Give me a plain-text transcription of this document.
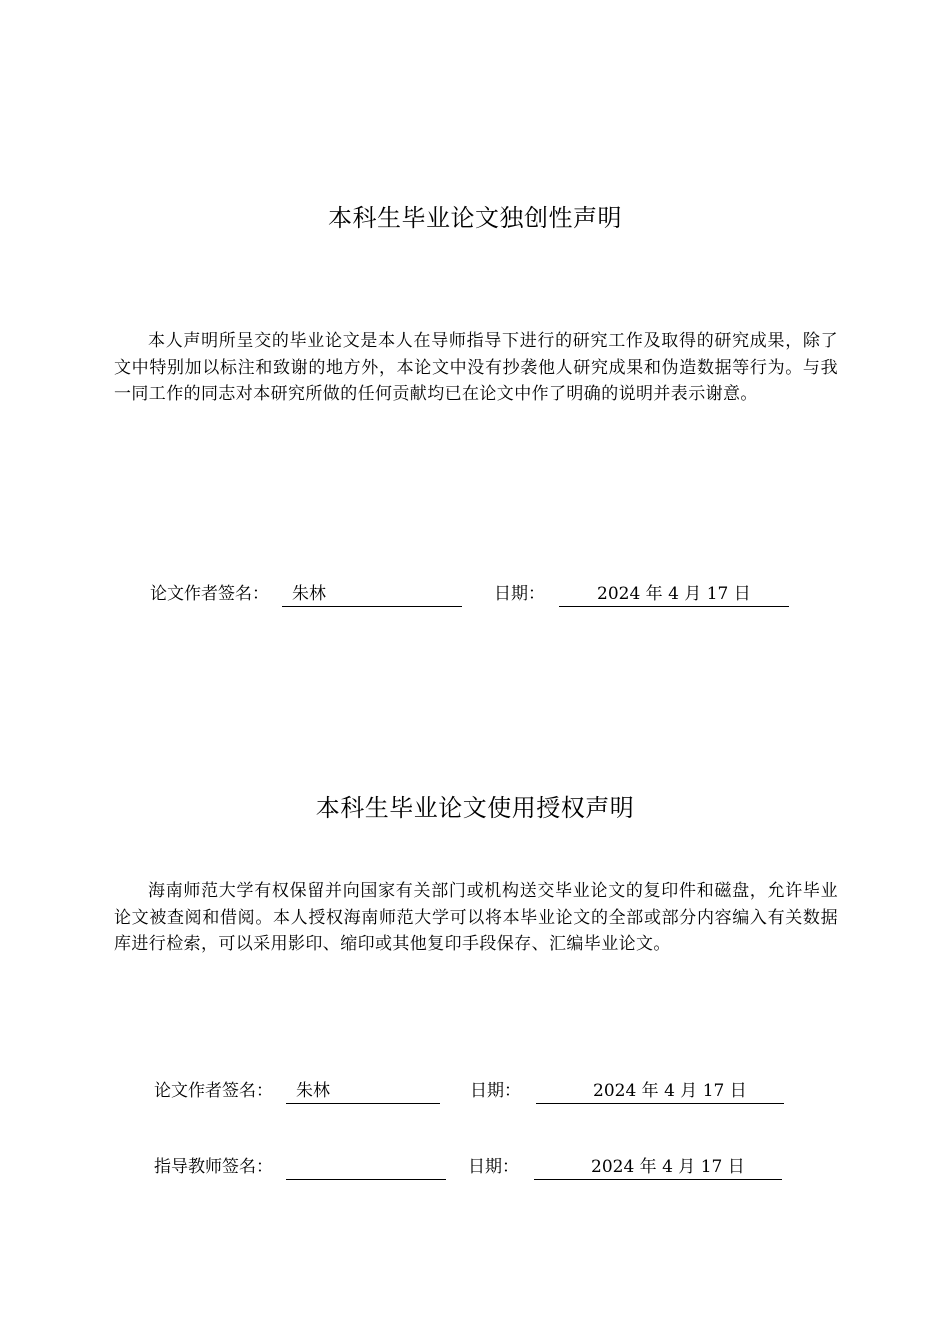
本科生毕业论文独创性声明
本人声明所呈交的毕业论文是本人在导师指导下进行的研究工作及取得的研究成果，除了文中特别加以标注和致谢的地方外，本论文中没有抄袭他人研究成果和伪造数据等行为。与我一同工作的同志对本研究所做的任何贡献均已在论文中作了明确的说明并表示谢意。
论文作者签名： 朱林	日期：	2024 年 4 月 17 日
本科生毕业论文使用授权声明
海南师范大学有权保留并向国家有关部门或机构送交毕业论文的复印件和磁盘，允许毕业论文被查阅和借阅。本人授权海南师范大学可以将本毕业论文的全部或部分内容编入有关数据库进行检索，可以采用影印、缩印或其他复印手段保存、汇编毕业论文。
论文作者签名： 朱林	日期：	2024 年 4 月 17 日
指导教师签名：	日期：	2024 年 4 月 17 日
